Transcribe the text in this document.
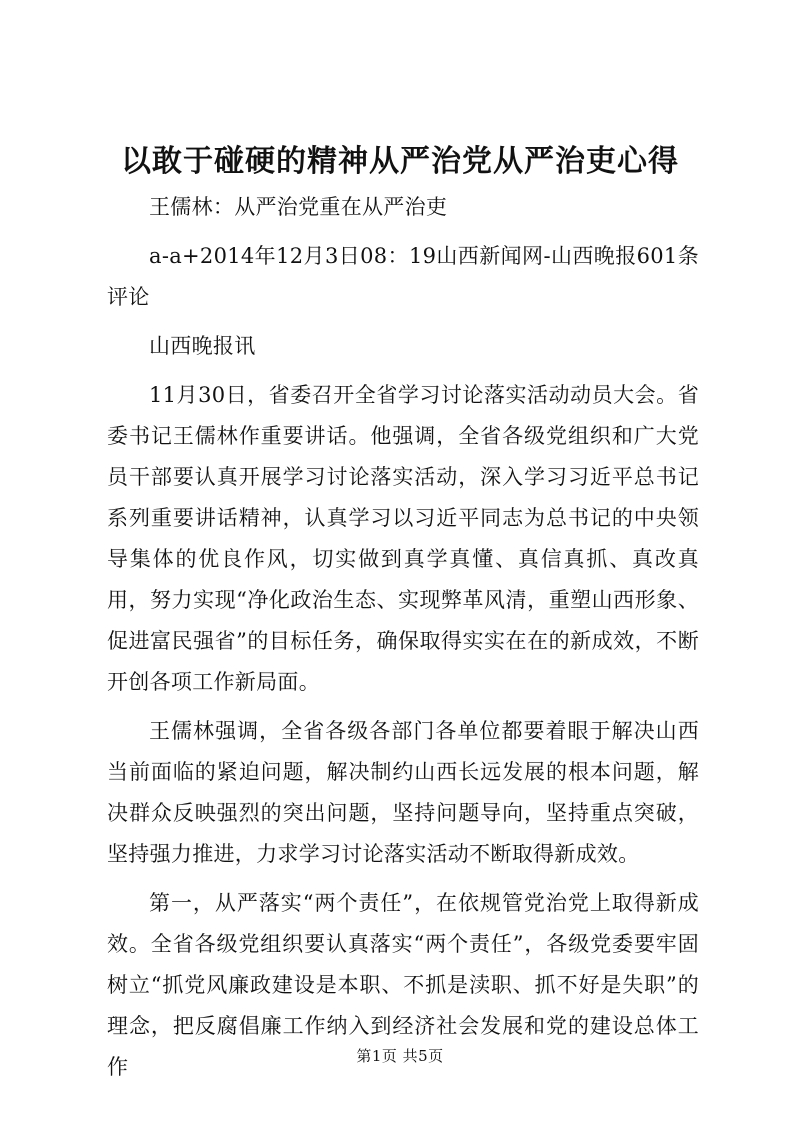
以敢于碰硬的精神从严治党从严治吏心得

王儒林：从严治党重在从严治吏

a-a+2014年12月3日08：19山西新闻网-山西晚报601条评论

山西晚报讯

11月30日，省委召开全省学习讨论落实活动动员大会。省委书记王儒林作重要讲话。他强调，全省各级党组织和广大党员干部要认真开展学习讨论落实活动，深入学习习近平总书记系列重要讲话精神，认真学习以习近平同志为总书记的中央领导集体的优良作风，切实做到真学真懂、真信真抓、真改真用，努力实现“净化政治生态、实现弊革风清，重塑山西形象、促进富民强省”的目标任务，确保取得实实在在的新成效，不断开创各项工作新局面。

王儒林强调，全省各级各部门各单位都要着眼于解决山西当前面临的紧迫问题，解决制约山西长远发展的根本问题，解决群众反映强烈的突出问题，坚持问题导向，坚持重点突破，坚持强力推进，力求学习讨论落实活动不断取得新成效。

第一，从严落实“两个责任”，在依规管党治党上取得新成效。全省各级党组织要认真落实“两个责任”，各级党委要牢固树立“抓党风廉政建设是本职、不抓是渎职、抓不好是失职”的理念，把反腐倡廉工作纳入到经济社会发展和党的建设总体工作	第1页 共5页
